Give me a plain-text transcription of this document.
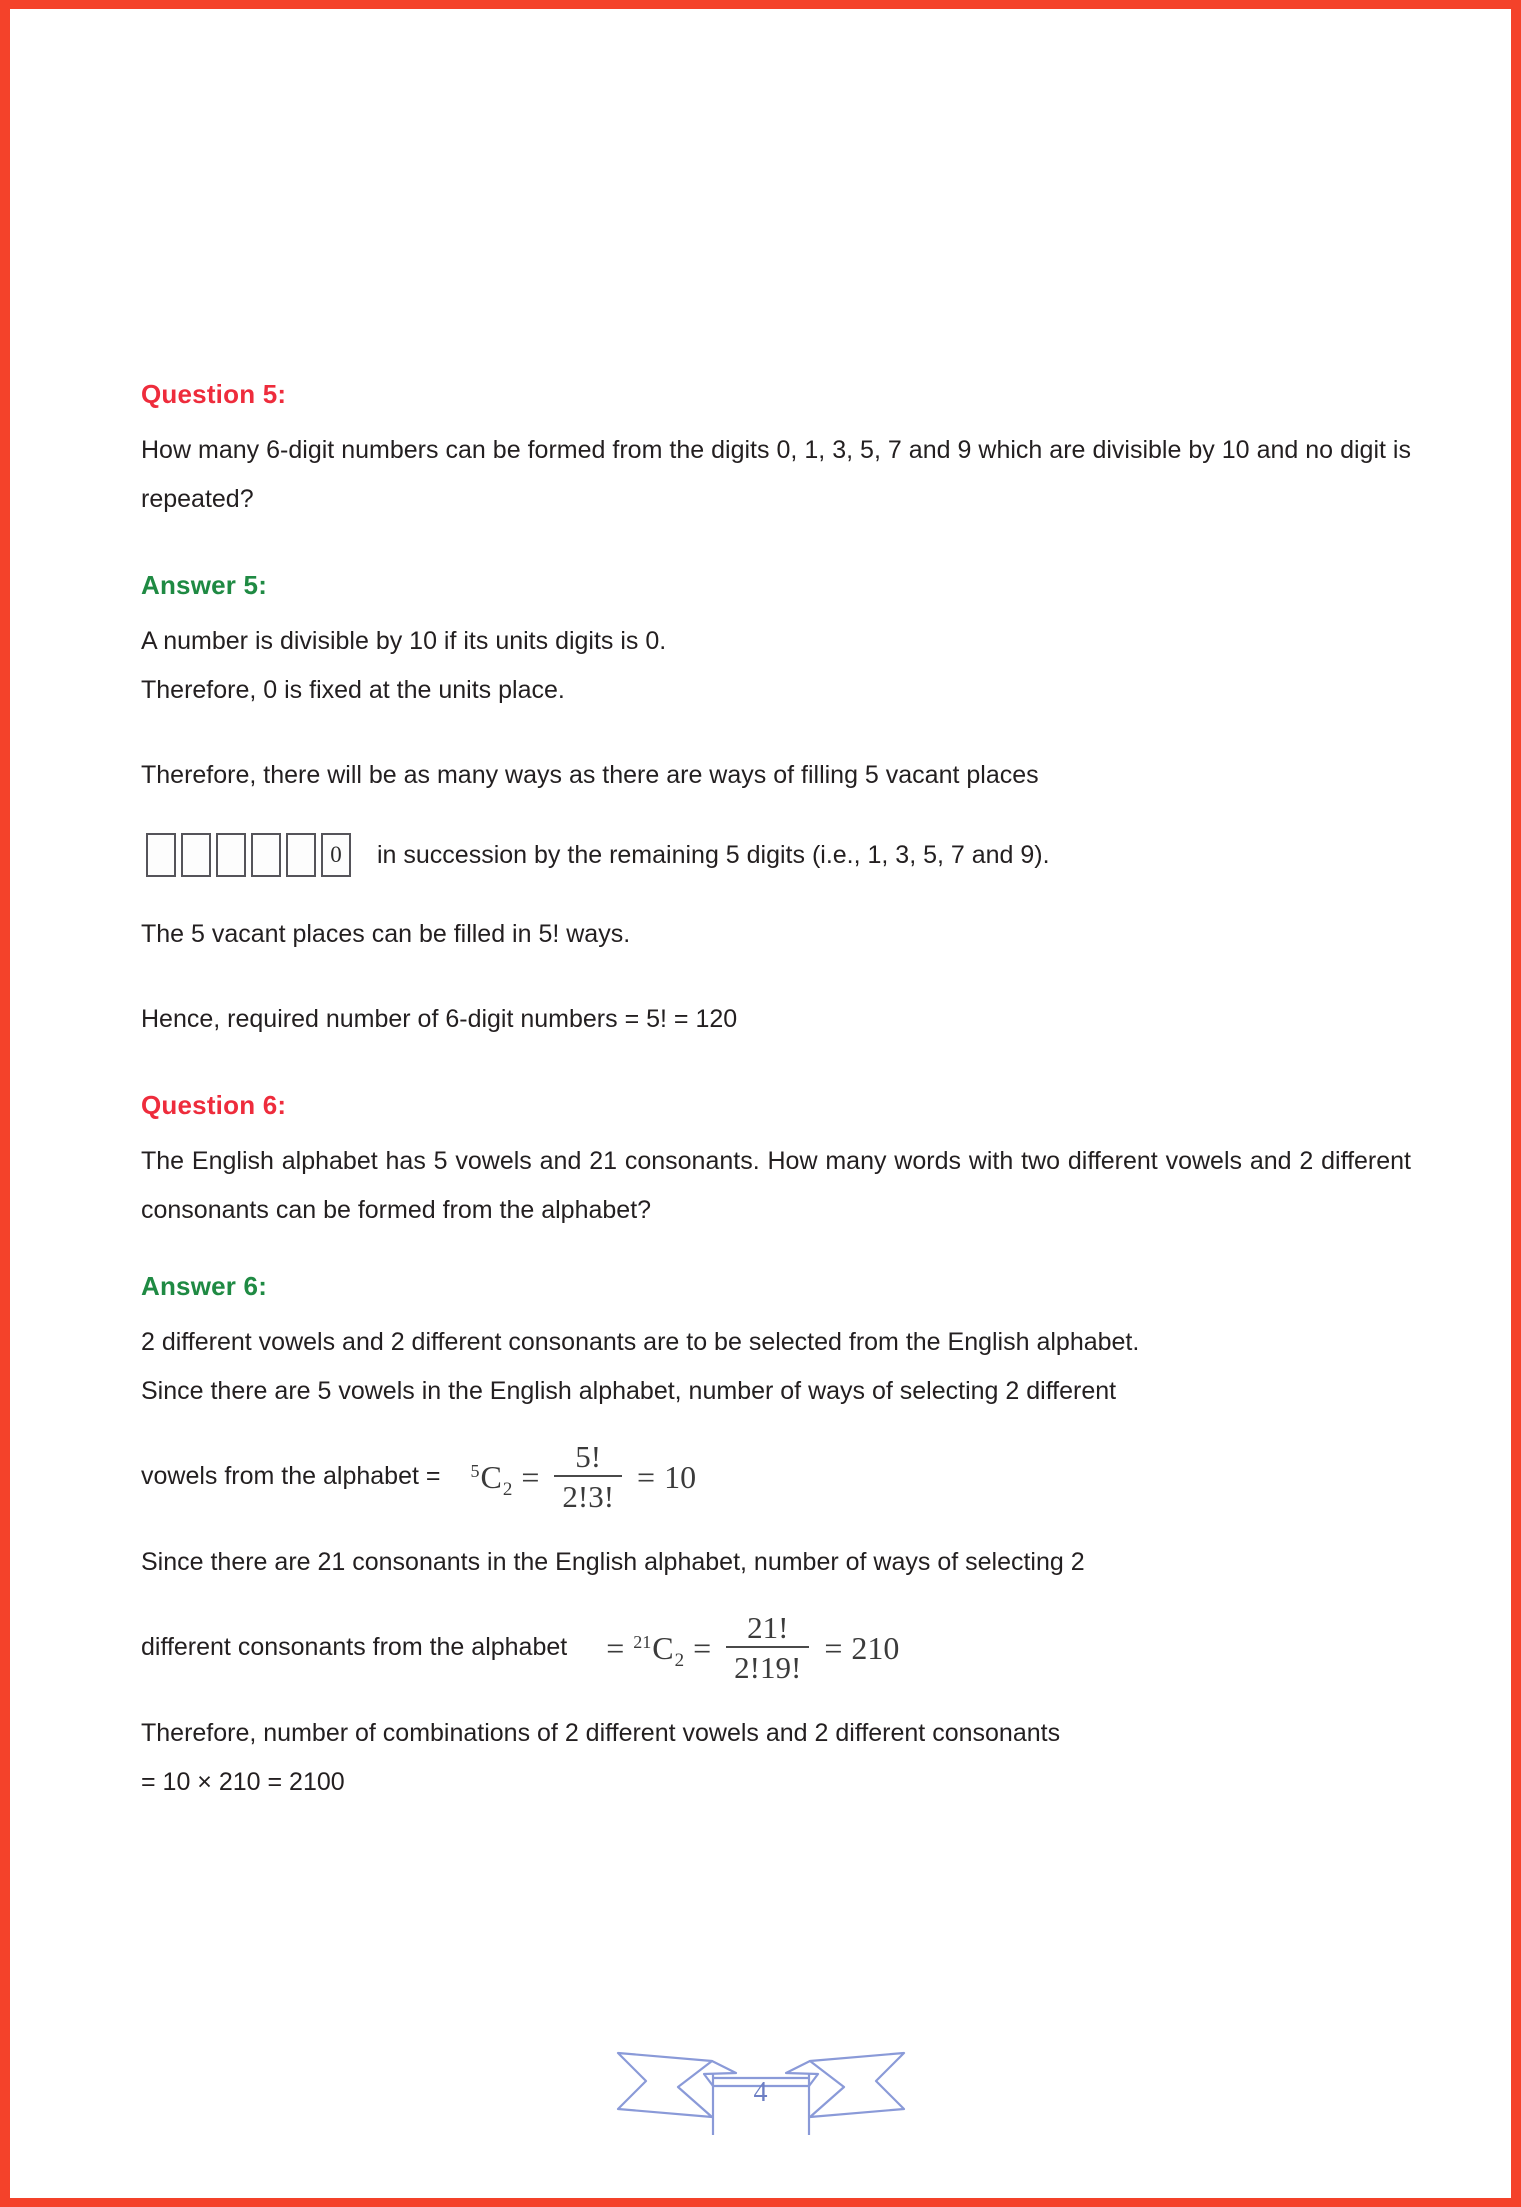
Question 5:

How many 6-digit numbers can be formed from the digits 0, 1, 3, 5, 7 and 9 which are divisible by 10 and no digit is repeated?

Answer 5:

A number is divisible by 10 if its units digits is 0.

Therefore, 0 is fixed at the units place.

Therefore, there will be as many ways as there are ways of filling 5 vacant places

0	in succession by the remaining 5 digits (i.e., 1, 3, 5, 7 and 9).

The 5 vacant places can be filled in 5! ways.

Hence, required number of 6-digit numbers = 5! = 120

Question 6:

The English alphabet has 5 vowels and 21 consonants. How many words with two different vowels and 2 different consonants can be formed from the alphabet?

Answer 6:

2 different vowels and 2 different consonants are to be selected from the English alphabet.

Since there are 5 vowels in the English alphabet, number of ways of selecting 2 different

vowels from the alphabet = 5 C $2 = \frac{5!}{2!3!} = 10$

Since there are 21 consonants in the English alphabet, number of ways of selecting 2

different consonants from the alphabet = 21 C $2 = \frac{21!}{2!19!} = 210$

Therefore, number of combinations of 2 different vowels and 2 different consonants

= 10 × 210 = 2100

4
